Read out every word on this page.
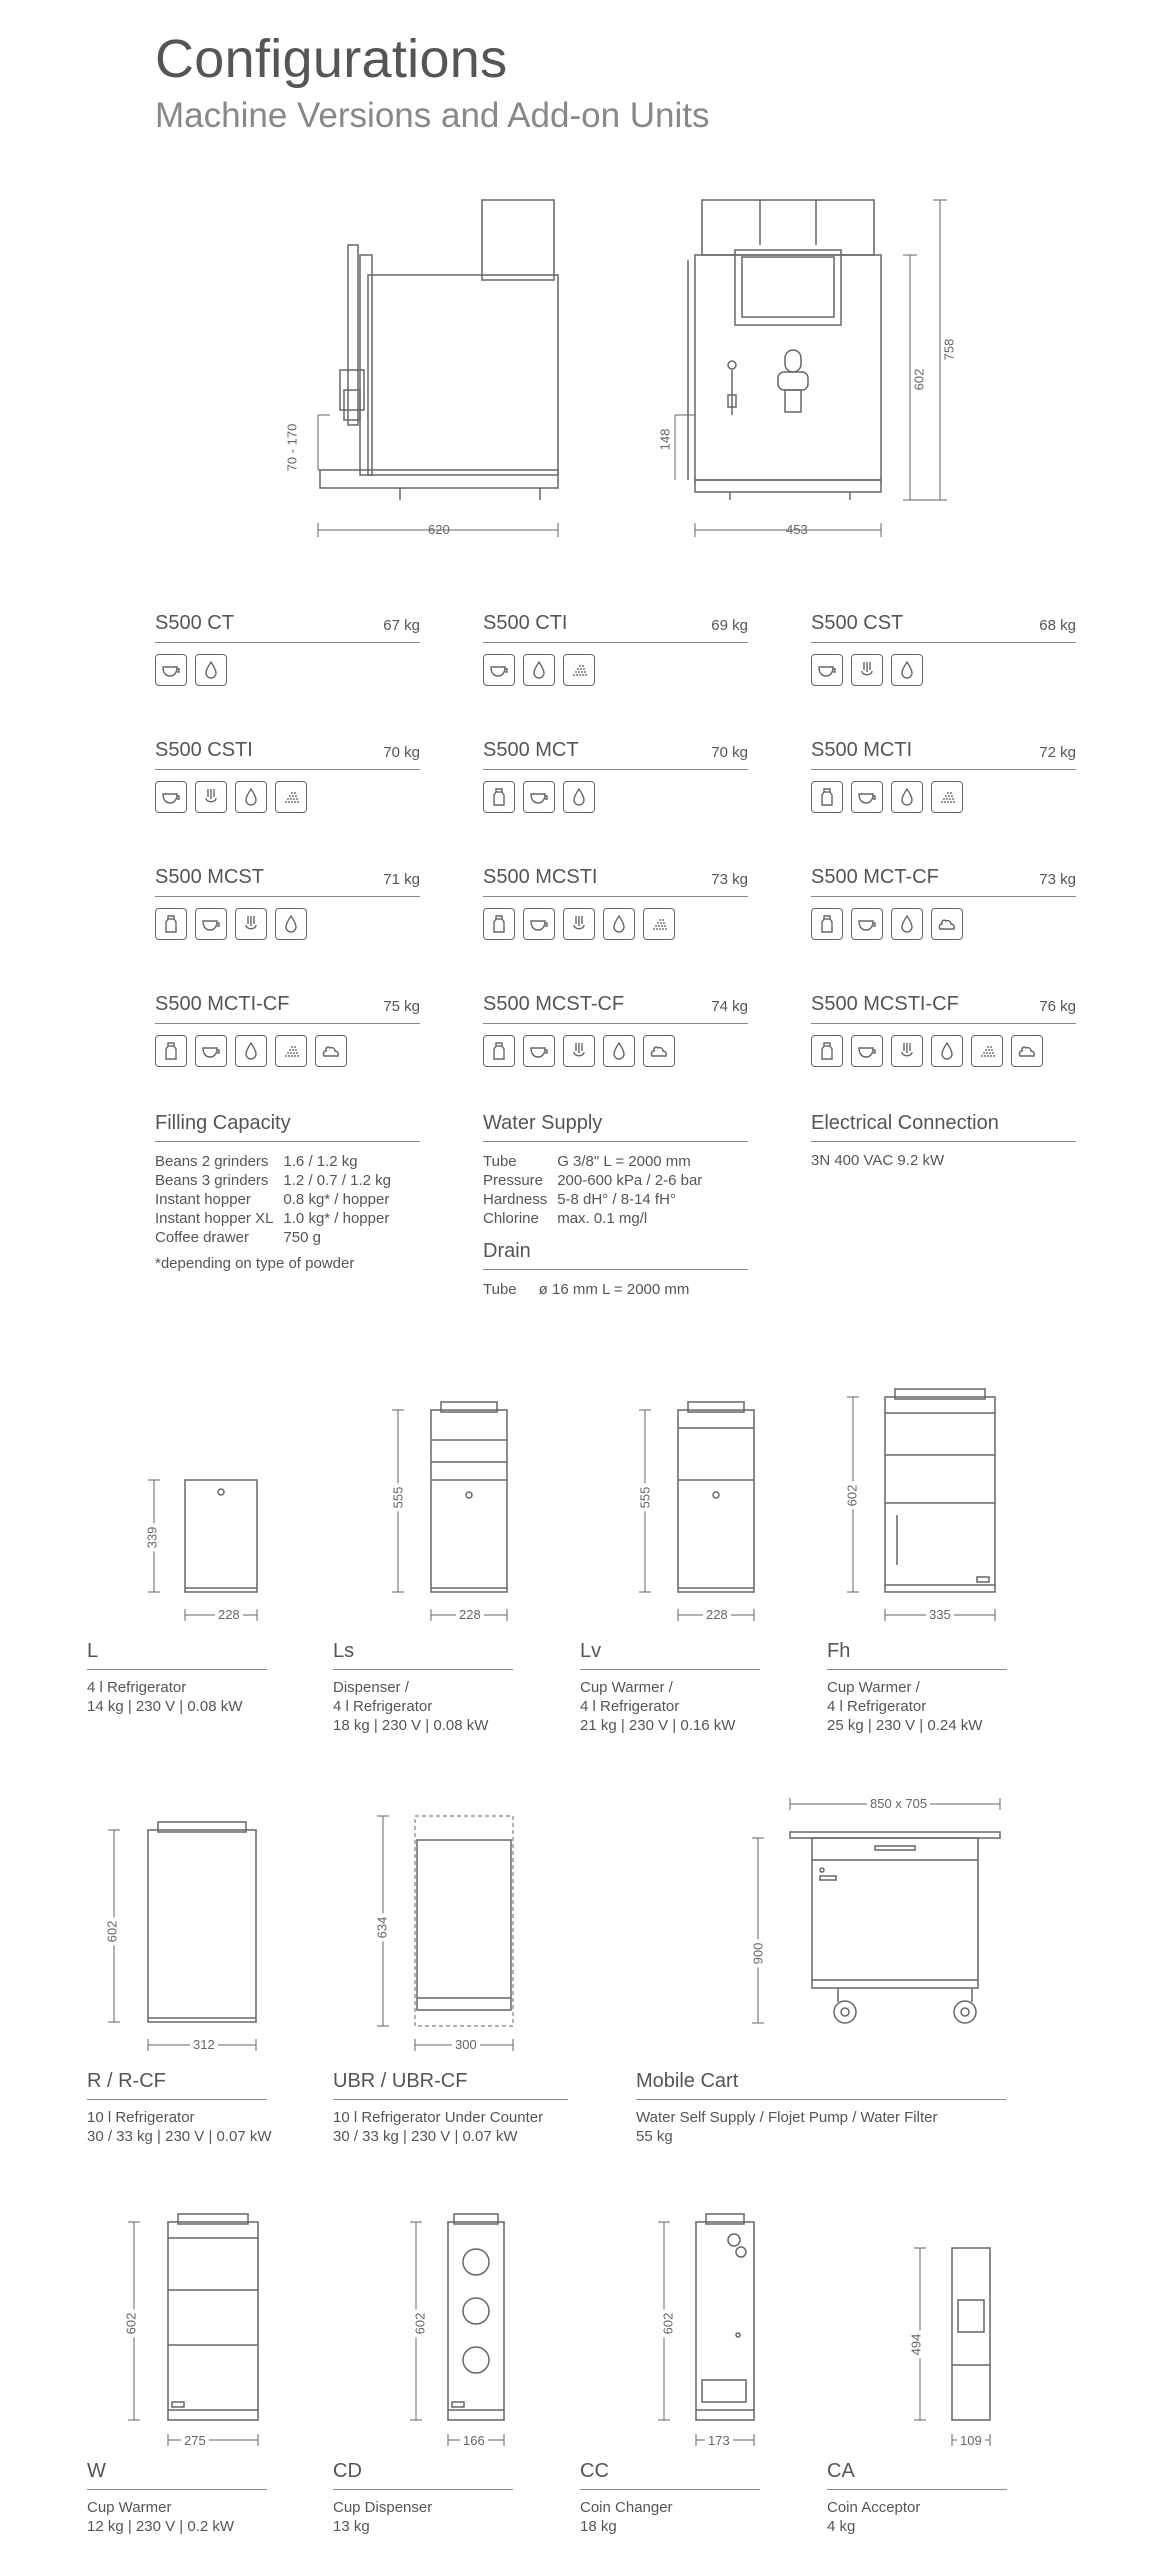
Configurations
Machine Versions and Add-on Units
620
70 - 170
453
148
602
758
S500 CT	67 kg	S500 CTI	69 kg	S500 CST	68 kg
S500 CSTI	70 kg	S500 MCT	70 kg	S500 MCTI	72 kg
S500 MCST	71 kg	S500 MCSTI	73 kg	S500 MCT-CF	73 kg
S500 MCTI-CF	75 kg	S500 MCST-CF	74 kg	S500 MCSTI-CF	76 kg
Filling Capacity
Beans 2 grinders	1.6 / 1.2 kg
Beans 3 grinders	1.2 / 0.7 / 1.2 kg
Instant hopper	0.8 kg* / hopper
Instant hopper XL	1.0 kg* / hopper
Coffee drawer	750 g
*depending on type of powder
Water Supply
Tube	G 3/8" L = 2000 mm
Pressure	200-600 kPa / 2-6 bar
Hardness	5-8 dH° / 8-14 fH°
Chlorine	max. 0.1 mg/l
Drain
Tube	ø 16 mm L = 2000 mm
Electrical Connection
3N 400 VAC 9.2 kW
228
339
228
555
228
555
335
602
312
602
300
634
850 x 705
900
275
602
166
602
173
602
109
494
L
4 l Refrigerator
14 kg | 230 V | 0.08 kW
Ls
Dispenser /
4 l Refrigerator
18 kg | 230 V | 0.08 kW
Lv
Cup Warmer /
4 l Refrigerator
21 kg | 230 V | 0.16 kW
Fh
Cup Warmer /
4 l Refrigerator
25 kg | 230 V | 0.24 kW
R / R-CF
10 l Refrigerator
30 / 33 kg | 230 V | 0.07 kW
UBR / UBR-CF
10 l Refrigerator Under Counter
30 / 33 kg | 230 V | 0.07 kW
Mobile Cart
Water Self Supply / Flojet Pump / Water Filter
55 kg
W
Cup Warmer
12 kg | 230 V | 0.2 kW
CD
Cup Dispenser
13 kg
CC
Coin Changer
18 kg
CA
Coin Acceptor
4 kg
